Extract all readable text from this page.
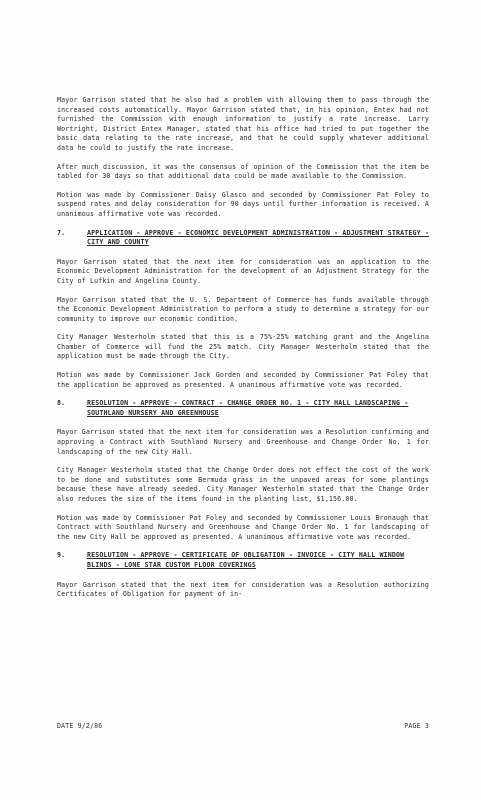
Mayor Garrison stated that he also had a problem with allowing them to pass through the increased costs automatically. Mayor Garrison stated that, in his opinion, Entex had not furnished the Commission with enough information to justify a rate increase. Larry Wortright, District Entex Manager, stated that his office had tried to put together the basic data relating to the rate increase, and that he could supply whatever additional data he could to justify the rate increase.

After much discussion, it was the consensus of opinion of the Commission that the item be tabled for 30 days so that additional data could be made available to the Commission.

Motion was made by Commissioner Daisy Glasco and seconded by Commissioner Pat Foley to suspend rates and delay consideration for 90 days until further information is received. A unanimous affirmative vote was recorded.

7.	APPLICATION - APPROVE - ECONOMIC DEVELOPMENT ADMINISTRATION - ADJUSTMENT STRATEGY - CITY AND COUNTY

Mayor Garrison stated that the next item for consideration was an application to the Economic Development Administration for the development of an Adjustment Strategy for the City of Lufkin and Angelina County.

Mayor Garrison stated that the U. S. Department of Commerce has funds available through the Economic Development Administration to perform a study to determine a strategy for our community to improve our economic condition.

City Manager Westerholm stated that this is a 75%-25% matching grant and the Angelina Chamber of Commerce will fund the 25% match. City Manager Westerholm stated that the application must be made through the City.

Motion was made by Commissioner Jack Gorden and seconded by Commissioner Pat Foley that the application be approved as presented. A unanimous affirmative vote was recorded.

8.	RESOLUTION - APPROVE - CONTRACT - CHANGE ORDER NO. 1 - CITY HALL LANDSCAPING - SOUTHLAND NURSERY AND GREENHOUSE

Mayor Garrison stated that the next item for consideration was a Resolution confirming and approving a Contract with Southland Nursery and Greenhouse and Change Order No. 1 for landscaping of the new City Hall.

City Manager Westerholm stated that the Change Order does not effect the cost of the work to be done and substitutes some Bermuda grass in the unpaved areas for some plantings because these have already seeded. City Manager Westerholm stated that the Change Order also reduces the size of the items found in the planting list, $1,156.00.

Motion was made by Commissioner Pat Foley and seconded by Commissioner Louis Bronaugh that Contract with Southland Nursery and Greenhouse and Change Order No. 1 for landscaping of the new City Hall be approved as presented. A unanimous affirmative vote was recorded.

9.	RESOLUTION - APPROVE - CERTIFICATE OF OBLIGATION - INVOICE - CITY HALL WINDOW BLINDS - LONE STAR CUSTOM FLOOR COVERINGS

Mayor Garrison stated that the next item for consideration was a Resolution authorizing Certificates of Obligation for payment of in-

DATE 9/2/86	PAGE 3
